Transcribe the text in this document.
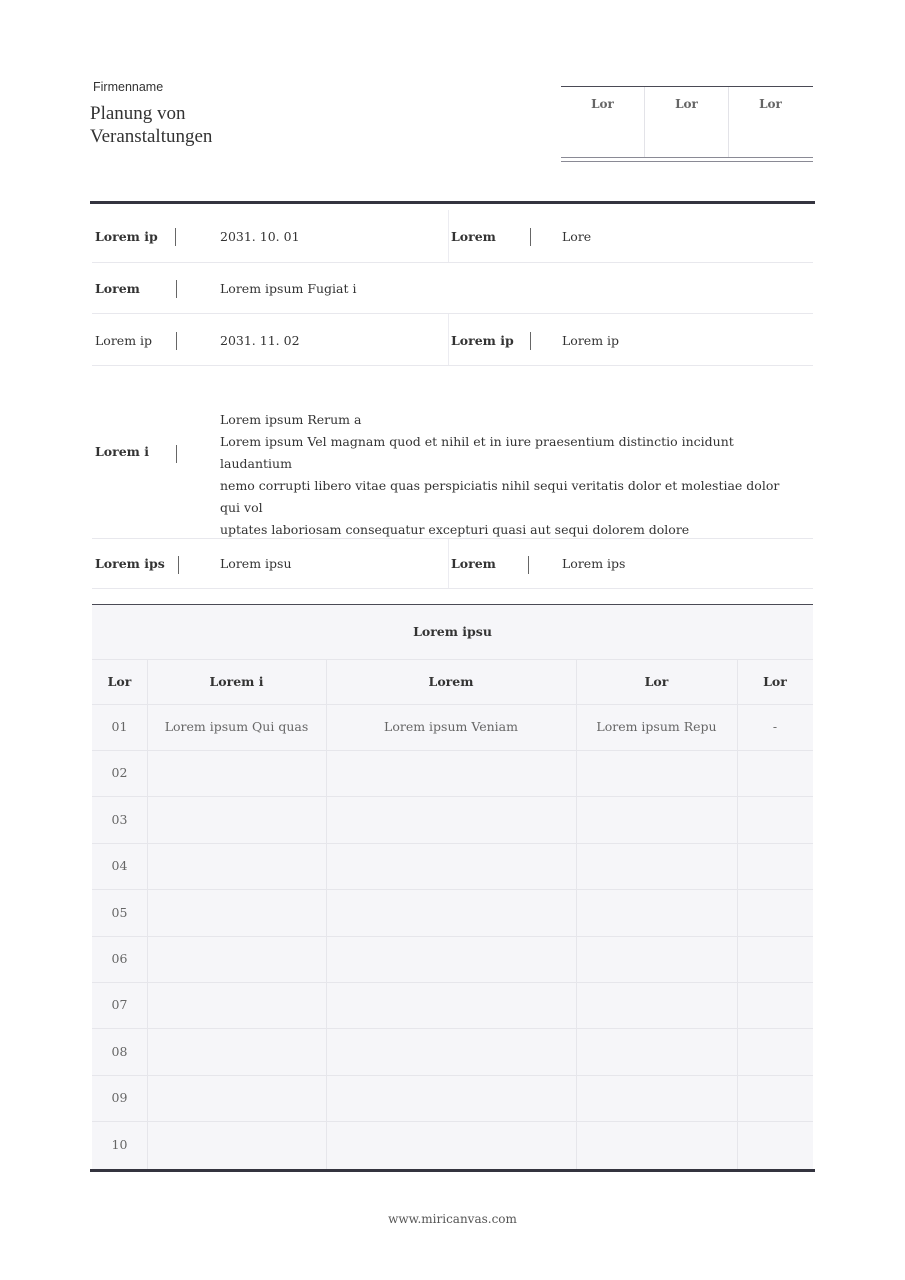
Firmenname
Planung von
Veranstaltungen
Lor	Lor	Lor
Lorem ip	2031. 10. 01	Lorem	Lore
Lorem	Lorem ipsum Fugiat i
Lorem ip	2031. 11. 02	Lorem ip	Lorem ip
Lorem i
Lorem ipsum Rerum a
Lorem ipsum Vel magnam quod et nihil et in iure praesentium distinctio incidunt laudantium
nemo corrupti libero vitae quas perspiciatis nihil sequi veritatis dolor et molestiae dolor qui vol
uptates laboriosam consequatur excepturi quasi aut sequi dolorem dolore
Lorem ips	Lorem ipsu	Lorem	Lorem ips
Lorem ipsu
Lor	Lorem i	Lorem	Lor	Lor
01	Lorem ipsum Qui quas	Lorem ipsum Veniam	Lorem ipsum Repu	-
02
03
04
05
06
07
08
09
10
www.miricanvas.com
